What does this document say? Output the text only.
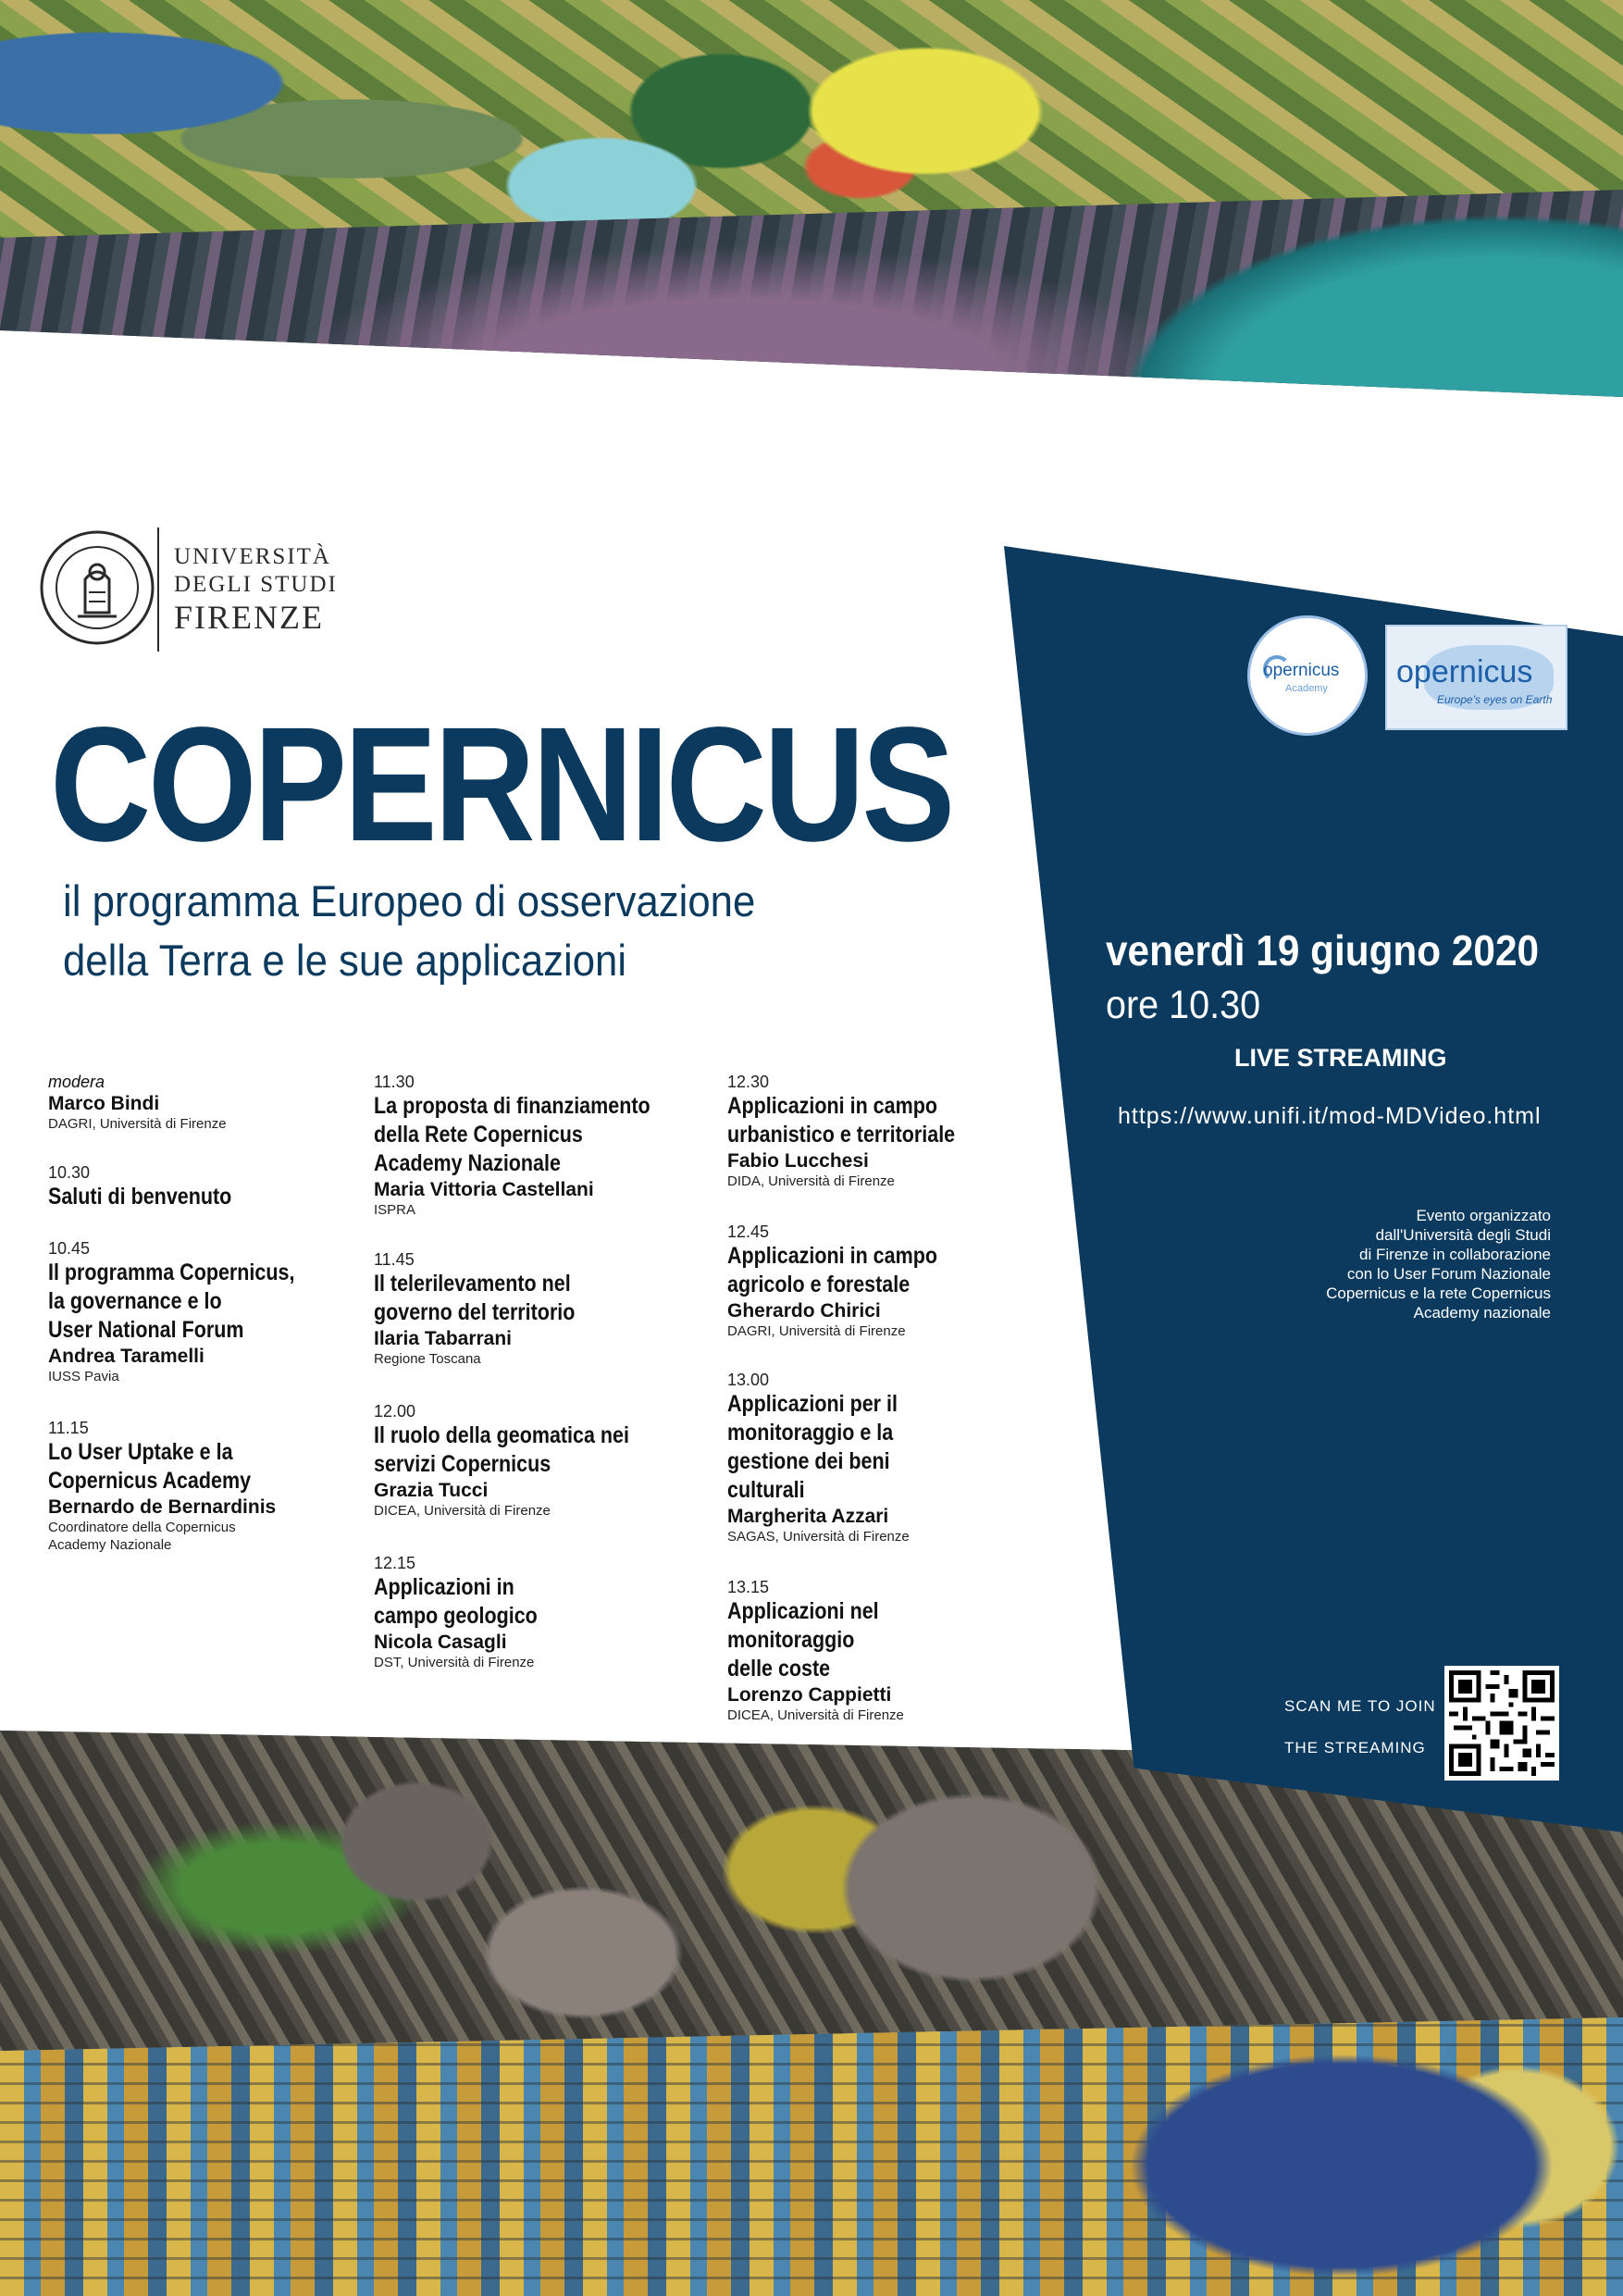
UNIVERSITÀ
DEGLI STUDI
FIRENZE
COPERNICUS
il programma Europeo di osservazione
della Terra e le sue applicazioni
modera
Marco Bindi
DAGRI, Università di Firenze
10.30
Saluti di benvenuto
10.45
Il programma Copernicus,
la governance e lo
User National Forum
Andrea Taramelli
IUSS Pavia
11.15
Lo User Uptake e la
Copernicus Academy
Bernardo de Bernardinis
Coordinatore della Copernicus
Academy Nazionale
11.30
La proposta di finanziamento
della Rete Copernicus
Academy Nazionale
Maria Vittoria Castellani
ISPRA
11.45
Il telerilevamento nel
governo del territorio
Ilaria Tabarrani
Regione Toscana
12.00
Il ruolo della geomatica nei
servizi Copernicus
Grazia Tucci
DICEA, Università di Firenze
12.15
Applicazioni in
campo geologico
Nicola Casagli
DST, Università di Firenze
12.30
Applicazioni in campo
urbanistico e territoriale
Fabio Lucchesi
DIDA, Università di Firenze
12.45
Applicazioni in campo
agricolo e forestale
Gherardo Chirici
DAGRI, Università di Firenze
13.00
Applicazioni per il
monitoraggio e la
gestione dei beni
culturali
Margherita Azzari
SAGAS, Università di Firenze
13.15
Applicazioni nel
monitoraggio
delle coste
Lorenzo Cappietti
DICEA, Università di Firenze
opernicus
Academy opernicus
Europe's eyes on Earth
venerdì 19 giugno 2020
ore 10.30
LIVE STREAMING
https://www.unifi.it/mod-MDVideo.html
Evento organizzato
dall'Università degli Studi
di Firenze in collaborazione
con lo User Forum Nazionale
Copernicus e la rete Copernicus
Academy nazionale
SCAN ME TO JOIN
THE STREAMING
